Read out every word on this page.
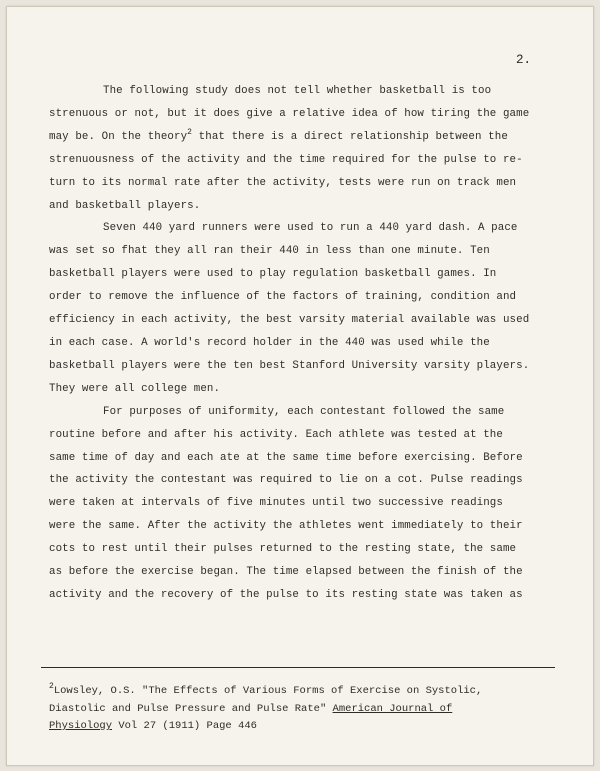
2.

The following study does not tell whether basketball is too
strenuous or not, but it does give a relative idea of how tiring the game
may be. On the theory$^2$ that there is a direct relationship between the
strenuousness of the activity and the time required for the pulse to re-
turn to its normal rate after the activity, tests were run on track men
and basketball players.

Seven 440 yard runners were used to run a 440 yard dash. A pace
was set so fhat they all ran their 440 in less than one minute. Ten
basketball players were used to play regulation basketball games. In
order to remove the influence of the factors of training, condition and
efficiency in each activity, the best varsity material available was used
in each case. A world's record holder in the 440 was used while the
basketball players were the ten best Stanford University varsity players.
They were all college men.

For purposes of uniformity, each contestant followed the same
routine before and after his activity. Each athlete was tested at the
same time of day and each ate at the same time before exercising. Before
the activity the contestant was required to lie on a cot. Pulse readings
were taken at intervals of five minutes until two successive readings
were the same. After the activity the athletes went immediately to their
cots to rest until their pulses returned to the resting state, the same
as before the exercise began. The time elapsed between the finish of the
activity and the recovery of the pulse to its resting state was taken as

$^2$Lowsley, O.S. "The Effects of Various Forms of Exercise on Systolic,
Diastolic and Pulse Pressure and Pulse Rate" American Journal of
Physiology Vol 27 (1911) Page 446
